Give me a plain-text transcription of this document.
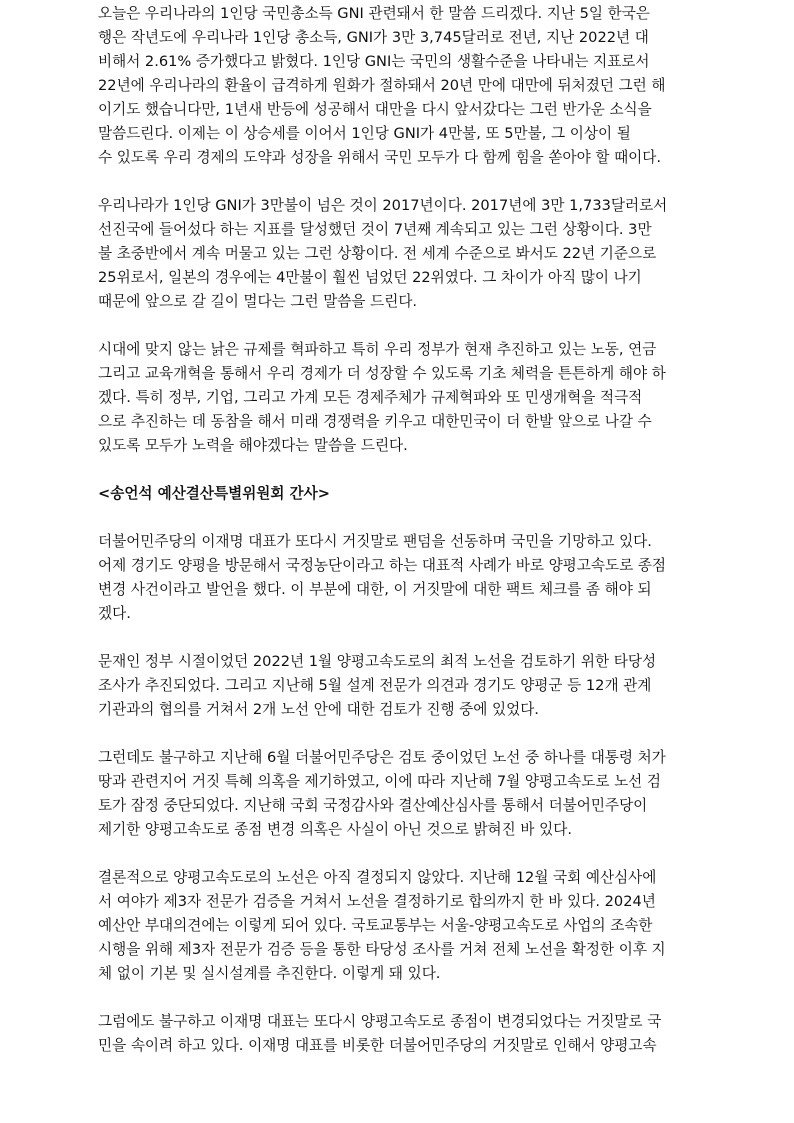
오늘은 우리나라의 1인당 국민총소득 GNI 관련돼서 한 말씀 드리겠다. 지난 5일 한국은
행은 작년도에 우리나라 1인당 총소득, GNI가 3만 3,745달러로 전년, 지난 2022년 대
비해서 2.61% 증가했다고 밝혔다. 1인당 GNI는 국민의 생활수준을 나타내는 지표로서
22년에 우리나라의 환율이 급격하게 원화가 절하돼서 20년 만에 대만에 뒤처졌던 그런 해
이기도 했습니다만, 1년새 반등에 성공해서 대만을 다시 앞서갔다는 그런 반가운 소식을
말씀드린다. 이제는 이 상승세를 이어서 1인당 GNI가 4만불, 또 5만불, 그 이상이 될
수 있도록 우리 경제의 도약과 성장을 위해서 국민 모두가 다 함께 힘을 쏟아야 할 때이다.

우리나라가 1인당 GNI가 3만불이 넘은 것이 2017년이다. 2017년에 3만 1,733달러로서
선진국에 들어섰다 하는 지표를 달성했던 것이 7년째 계속되고 있는 그런 상황이다. 3만
불 초중반에서 계속 머물고 있는 그런 상황이다. 전 세계 수준으로 봐서도 22년 기준으로
25위로서, 일본의 경우에는 4만불이 훨씬 넘었던 22위였다. 그 차이가 아직 많이 나기
때문에 앞으로 갈 길이 멀다는 그런 말씀을 드린다.

시대에 맞지 않는 낡은 규제를 혁파하고 특히 우리 정부가 현재 추진하고 있는 노동, 연금
그리고 교육개혁을 통해서 우리 경제가 더 성장할 수 있도록 기초 체력을 튼튼하게 해야 하
겠다. 특히 정부, 기업, 그리고 가계 모든 경제주체가 규제혁파와 또 민생개혁을 적극적
으로 추진하는 데 동참을 해서 미래 경쟁력을 키우고 대한민국이 더 한발 앞으로 나갈 수
있도록 모두가 노력을 해야겠다는 말씀을 드린다.

<송언석 예산결산특별위원회 간사>

더불어민주당의 이재명 대표가 또다시 거짓말로 팬덤을 선동하며 국민을 기망하고 있다.
어제 경기도 양평을 방문해서 국정농단이라고 하는 대표적 사례가 바로 양평고속도로 종점
변경 사건이라고 발언을 했다. 이 부분에 대한, 이 거짓말에 대한 팩트 체크를 좀 해야 되
겠다.

문재인 정부 시절이었던 2022년 1월 양평고속도로의 최적 노선을 검토하기 위한 타당성
조사가 추진되었다. 그리고 지난해 5월 설계 전문가 의견과 경기도 양평군 등 12개 관계
기관과의 협의를 거쳐서 2개 노선 안에 대한 검토가 진행 중에 있었다.

그런데도 불구하고 지난해 6월 더불어민주당은 검토 중이었던 노선 중 하나를 대통령 처가
땅과 관련지어 거짓 특혜 의혹을 제기하였고, 이에 따라 지난해 7월 양평고속도로 노선 검
토가 잠정 중단되었다. 지난해 국회 국정감사와 결산예산심사를 통해서 더불어민주당이
제기한 양평고속도로 종점 변경 의혹은 사실이 아닌 것으로 밝혀진 바 있다.

결론적으로 양평고속도로의 노선은 아직 결정되지 않았다. 지난해 12월 국회 예산심사에
서 여야가 제3자 전문가 검증을 거쳐서 노선을 결정하기로 합의까지 한 바 있다. 2024년
예산안 부대의견에는 이렇게 되어 있다. 국토교통부는 서울-양평고속도로 사업의 조속한
시행을 위해 제3자 전문가 검증 등을 통한 타당성 조사를 거쳐 전체 노선을 확정한 이후 지
체 없이 기본 및 실시설계를 추진한다. 이렇게 돼 있다.

그럼에도 불구하고 이재명 대표는 또다시 양평고속도로 종점이 변경되었다는 거짓말로 국
민을 속이려 하고 있다. 이재명 대표를 비롯한 더불어민주당의 거짓말로 인해서 양평고속
